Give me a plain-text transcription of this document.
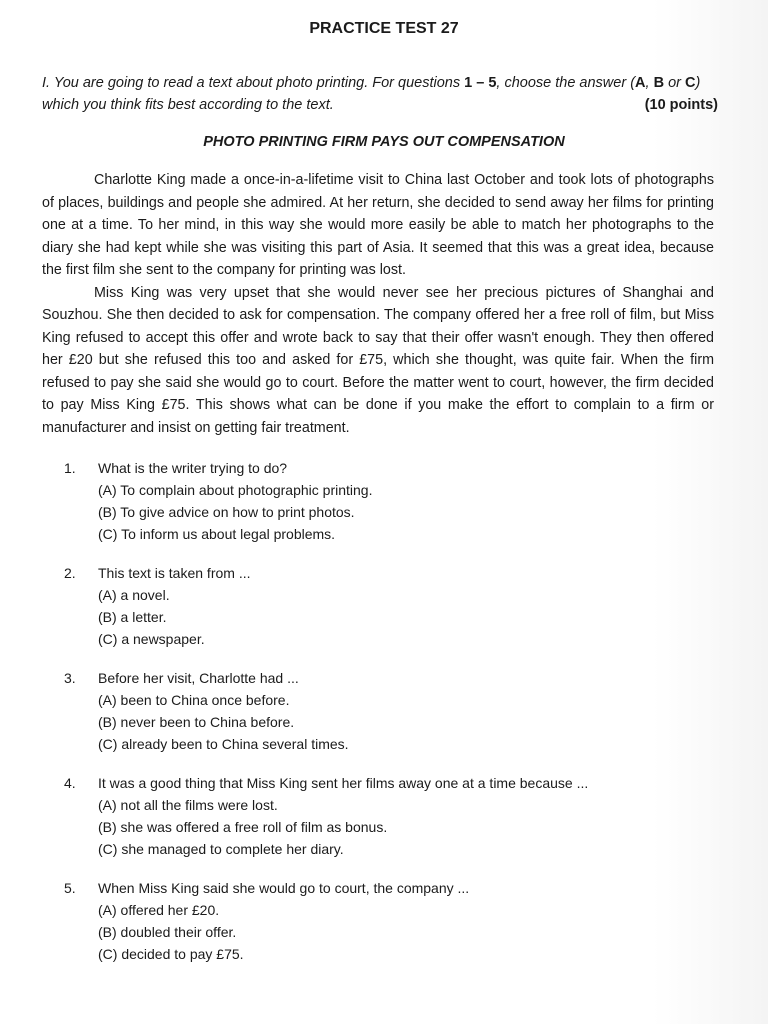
PRACTICE TEST 27
I. You are going to read a text about photo printing. For questions 1 – 5, choose the answer (A, B or C)
which you think fits best according to the text.	(10 points)
PHOTO PRINTING FIRM PAYS OUT COMPENSATION

Charlotte King made a once-in-a-lifetime visit to China last October and took lots of photographs of places, buildings and people she admired. At her return, she decided to send away her films for printing one at a time. To her mind, in this way she would more easily be able to match her photographs to the diary she had kept while she was visiting this part of Asia. It seemed that this was a great idea, because the first film she sent to the company for printing was lost.

Miss King was very upset that she would never see her precious pictures of Shanghai and Souzhou. She then decided to ask for compensation. The company offered her a free roll of film, but Miss King refused to accept this offer and wrote back to say that their offer wasn't enough. They then offered her £20 but she refused this too and asked for £75, which she thought, was quite fair. When the firm refused to pay she said she would go to court. Before the matter went to court, however, the firm decided to pay Miss King £75. This shows what can be done if you make the effort to complain to a firm or manufacturer and insist on getting fair treatment.

1.	What is the writer trying to do?
(A) To complain about photographic printing.
(B) To give advice on how to print photos.
(C) To inform us about legal problems.
2.	This text is taken from ...
(A) a novel.
(B) a letter.
(C) a newspaper.
3.	Before her visit, Charlotte had ...
(A) been to China once before.
(B) never been to China before.
(C) already been to China several times.
4.	It was a good thing that Miss King sent her films away one at a time because ...
(A) not all the films were lost.
(B) she was offered a free roll of film as bonus.
(C) she managed to complete her diary.
5.	When Miss King said she would go to court, the company ...
(A) offered her £20.
(B) doubled their offer.
(C) decided to pay £75.
